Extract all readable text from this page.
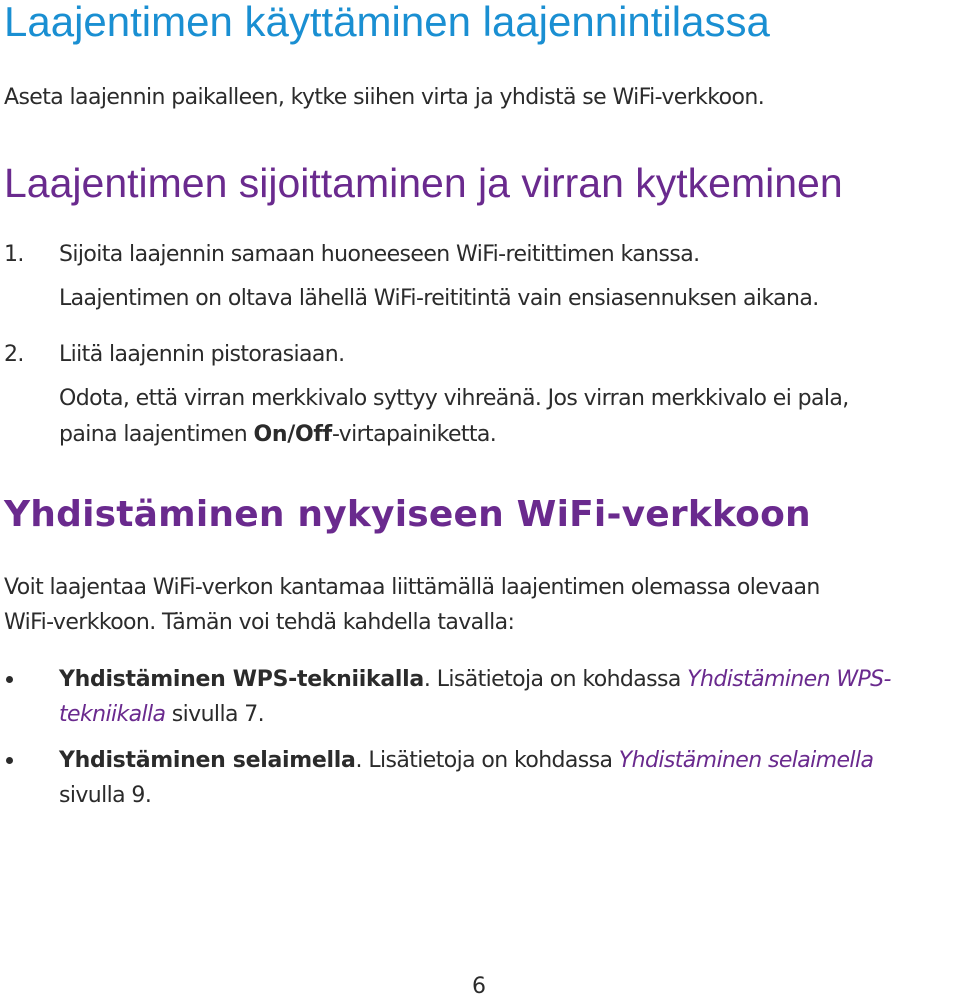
Laajentimen käyttäminen laajennintilassa

Aseta laajennin paikalleen, kytke siihen virta ja yhdistä se WiFi-verkkoon.

Laajentimen sijoittaminen ja virran kytkeminen
1. Sijoita laajennin samaan huoneeseen WiFi-reitittimen kanssa.

Laajentimen on oltava lähellä WiFi-reititintä vain ensiasennuksen aikana.

2. Liitä laajennin pistorasiaan.

Odota, että virran merkkivalo syttyy vihreänä. Jos virran merkkivalo ei pala,

paina laajentimen On/Off-virtapainiketta.

Yhdistäminen nykyiseen WiFi-verkkoon

Voit laajentaa WiFi-verkon kantamaa liittämällä laajentimen olemassa olevaan

WiFi-verkkoon. Tämän voi tehdä kahdella tavalla:

Yhdistäminen WPS-tekniikalla. Lisätietoja on kohdassa Yhdistäminen WPS-

tekniikalla sivulla 7.

Yhdistäminen selaimella. Lisätietoja on kohdassa Yhdistäminen selaimella

sivulla 9.

6
